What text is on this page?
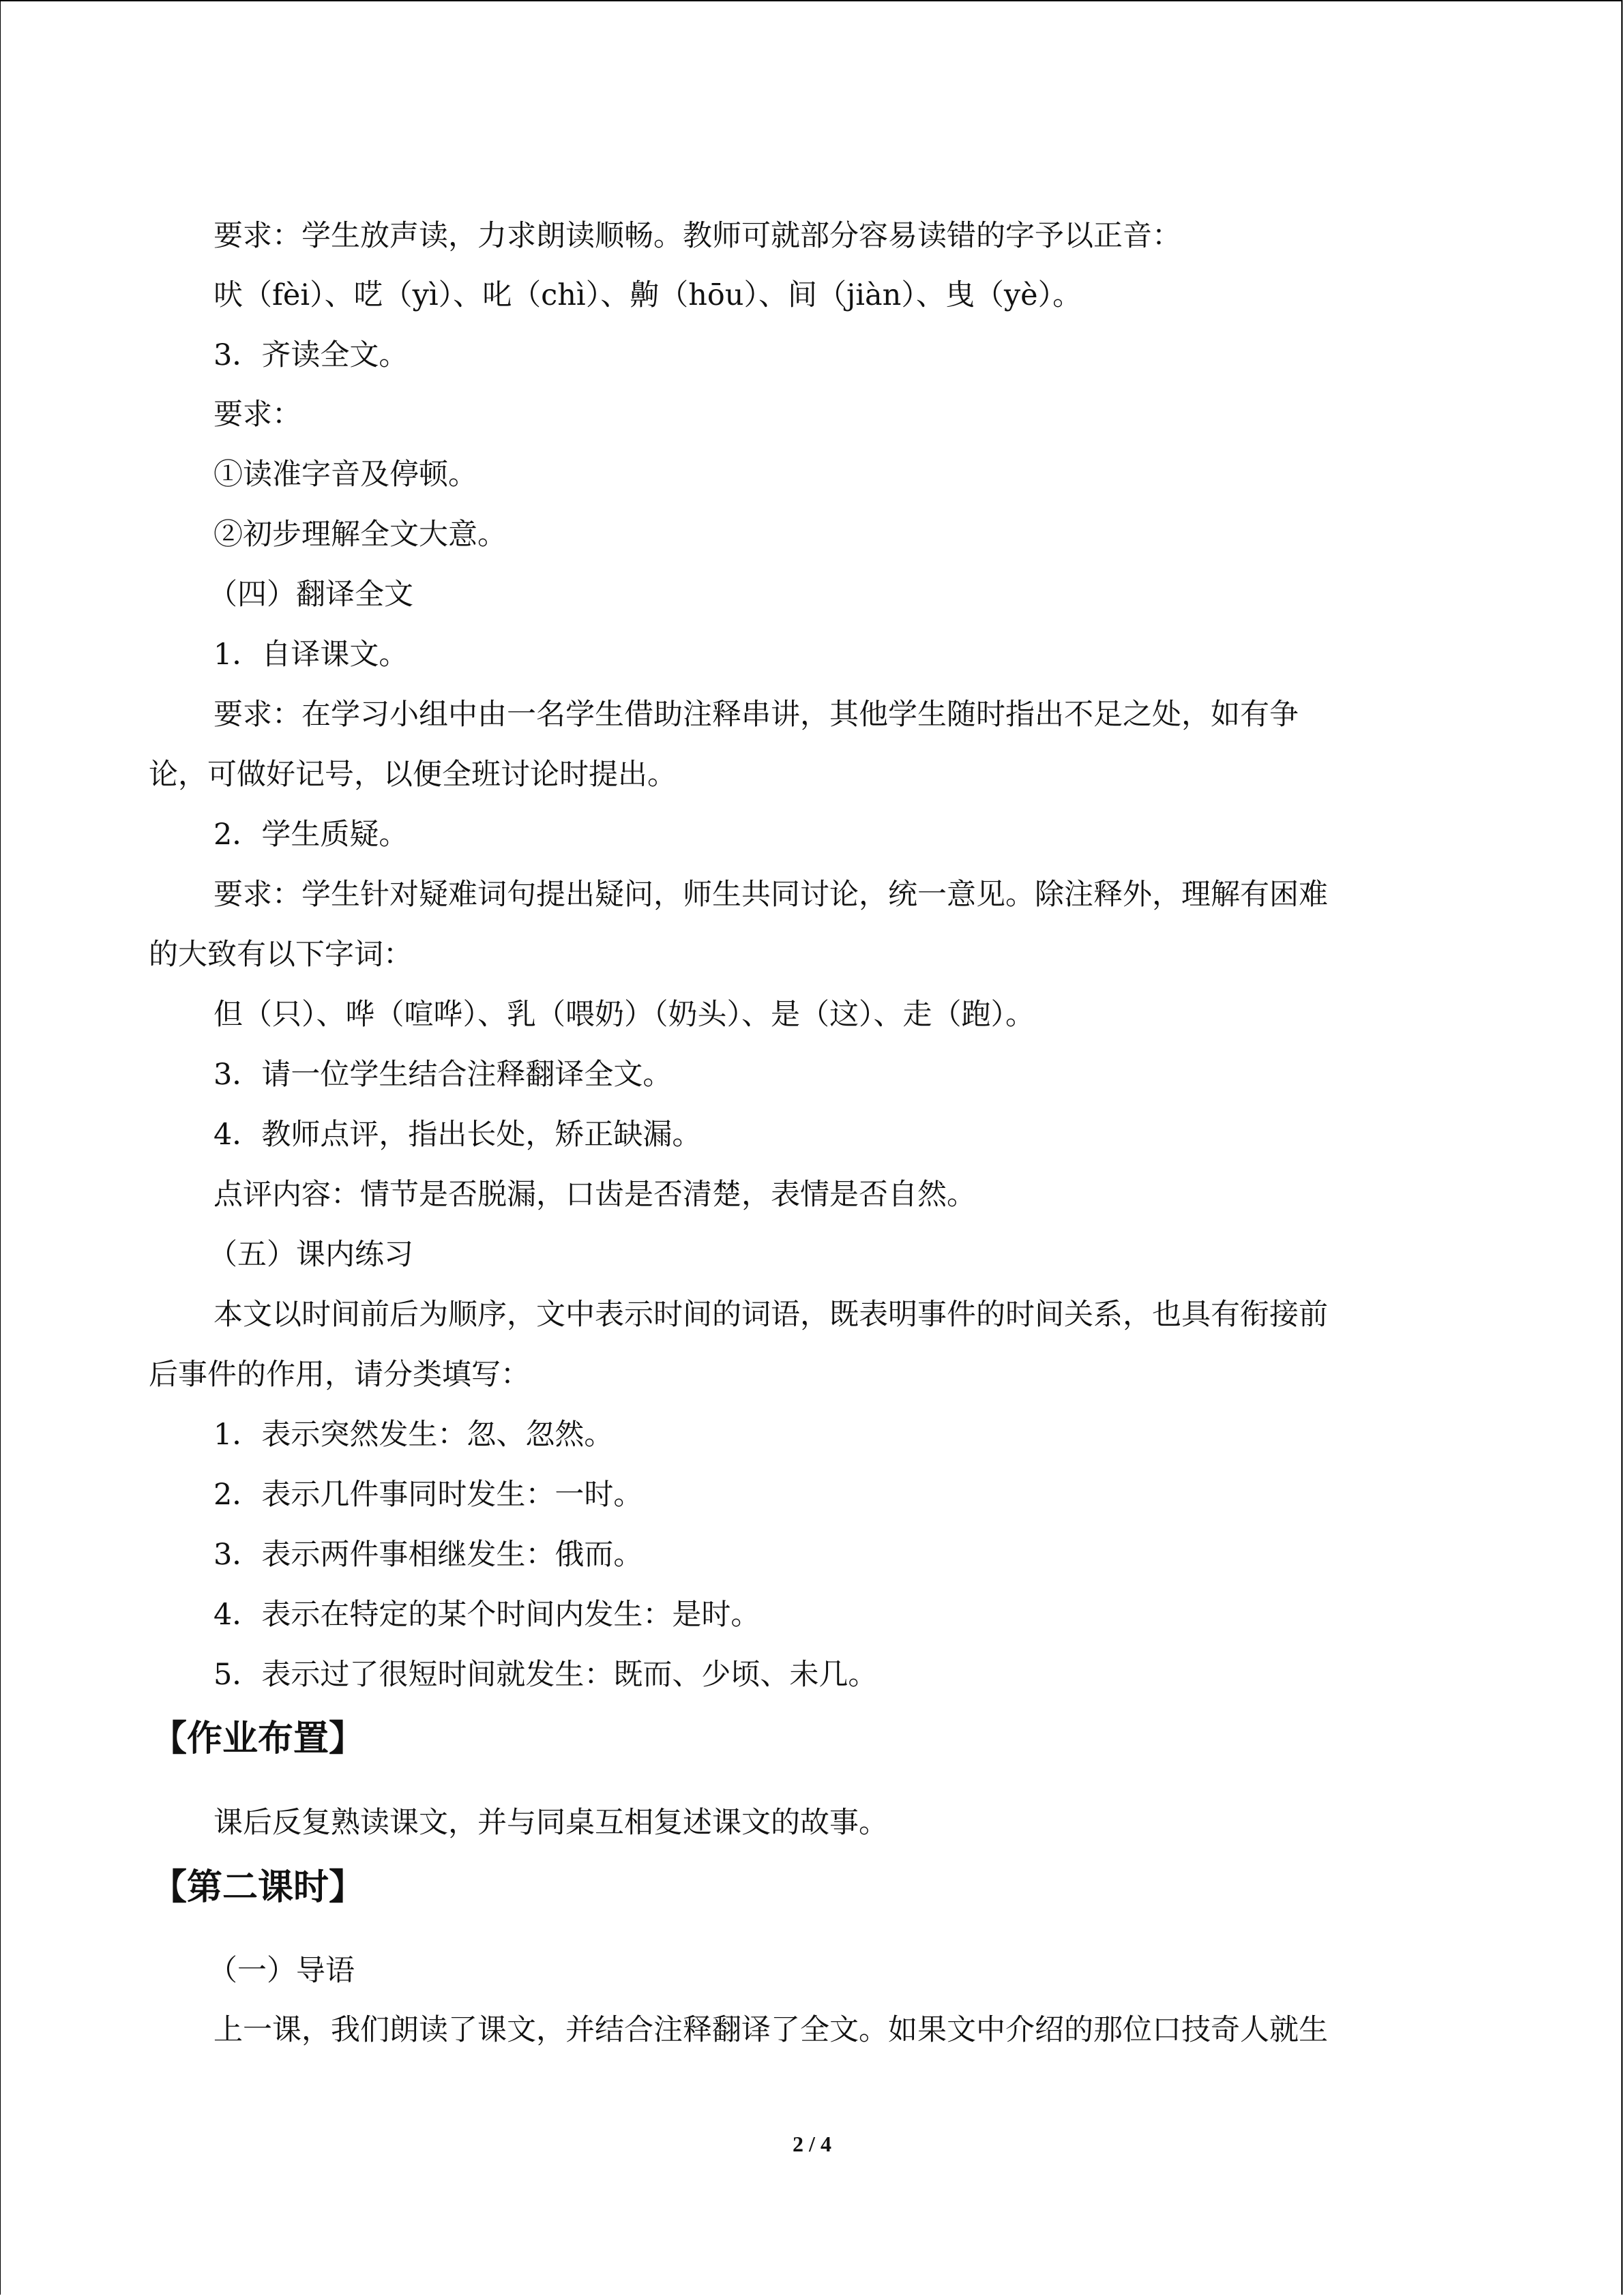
要求：学生放声读，力求朗读顺畅。教师可就部分容易读错的字予以正音：
吠（fèi）、呓（yì）、叱（chì）、齁（hōu）、间（jiàn）、曳（yè）。
3．齐读全文。
要求：
①读准字音及停顿。
②初步理解全文大意。
（四）翻译全文
1．自译课文。
要求：在学习小组中由一名学生借助注释串讲，其他学生随时指出不足之处，如有争
论，可做好记号，以便全班讨论时提出。
2．学生质疑。
要求：学生针对疑难词句提出疑问，师生共同讨论，统一意见。除注释外，理解有困难
的大致有以下字词：
但（只）、哗（喧哗）、乳（喂奶）（奶头）、是（这）、走（跑）。
3．请一位学生结合注释翻译全文。
4．教师点评，指出长处，矫正缺漏。
点评内容：情节是否脱漏，口齿是否清楚，表情是否自然。
（五）课内练习
本文以时间前后为顺序，文中表示时间的词语，既表明事件的时间关系，也具有衔接前
后事件的作用，请分类填写：
1．表示突然发生：忽、忽然。
2．表示几件事同时发生：一时。
3．表示两件事相继发生：俄而。
4．表示在特定的某个时间内发生：是时。
5．表示过了很短时间就发生：既而、少顷、未几。
【作业布置】
课后反复熟读课文，并与同桌互相复述课文的故事。
【第二课时】
（一）导语
上一课，我们朗读了课文，并结合注释翻译了全文。如果文中介绍的那位口技奇人就生
2 / 4
